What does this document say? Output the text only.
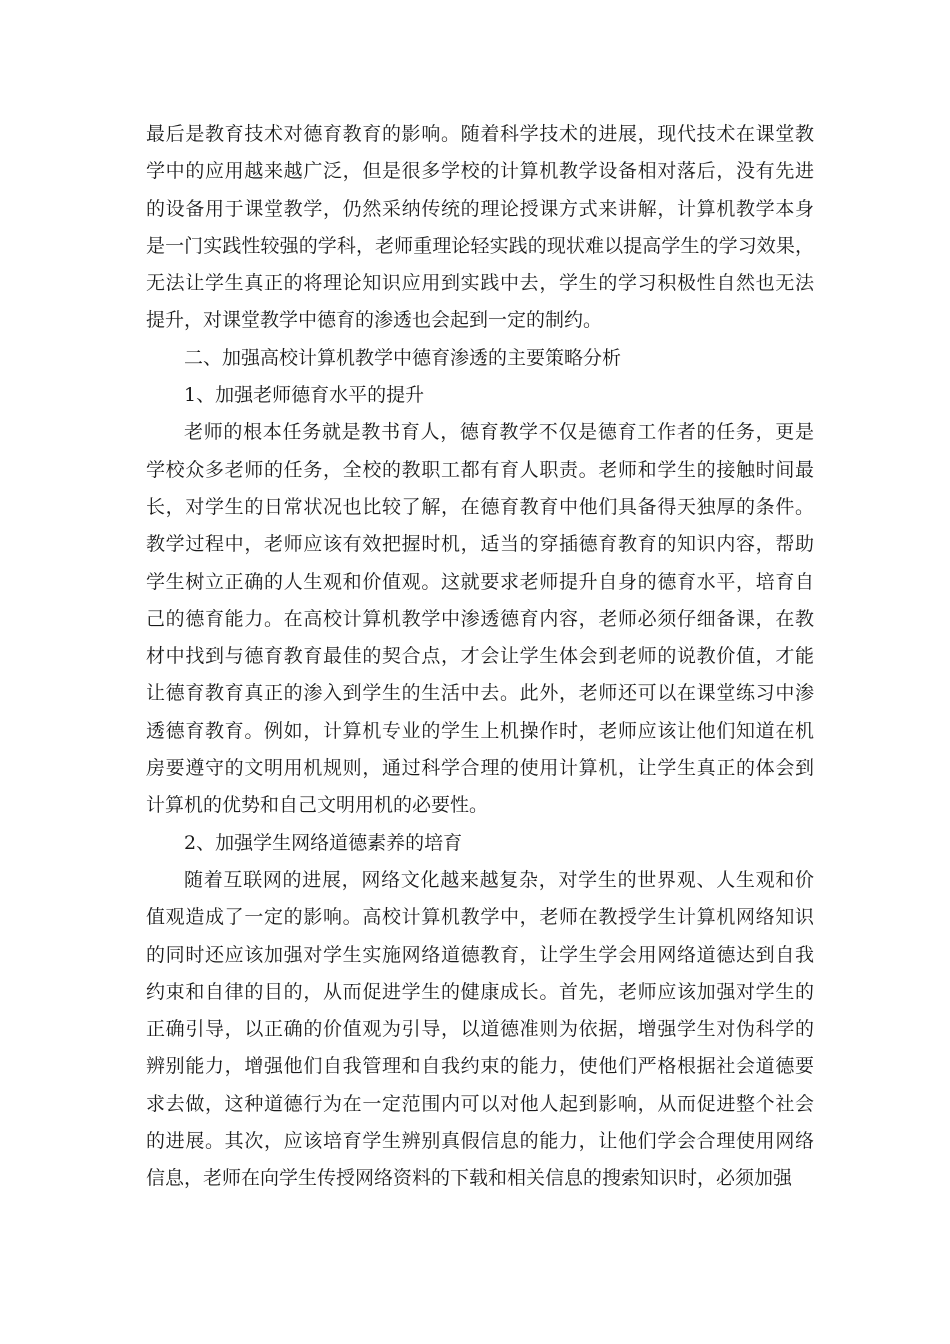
最后是教育技术对德育教育的影响。随着科学技术的进展，现代技术在课堂教
学中的应用越来越广泛，但是很多学校的计算机教学设备相对落后，没有先进
的设备用于课堂教学，仍然采纳传统的理论授课方式来讲解，计算机教学本身
是一门实践性较强的学科，老师重理论轻实践的现状难以提高学生的学习效果，
无法让学生真正的将理论知识应用到实践中去，学生的学习积极性自然也无法
提升，对课堂教学中德育的渗透也会起到一定的制约。
二、加强高校计算机教学中德育渗透的主要策略分析
1、加强老师德育水平的提升
老师的根本任务就是教书育人，德育教学不仅是德育工作者的任务，更是
学校众多老师的任务，全校的教职工都有育人职责。老师和学生的接触时间最
长，对学生的日常状况也比较了解，在德育教育中他们具备得天独厚的条件。
教学过程中，老师应该有效把握时机，适当的穿插德育教育的知识内容，帮助
学生树立正确的人生观和价值观。这就要求老师提升自身的德育水平，培育自
己的德育能力。在高校计算机教学中渗透德育内容，老师必须仔细备课，在教
材中找到与德育教育最佳的契合点，才会让学生体会到老师的说教价值，才能
让德育教育真正的渗入到学生的生活中去。此外，老师还可以在课堂练习中渗
透德育教育。例如，计算机专业的学生上机操作时，老师应该让他们知道在机
房要遵守的文明用机规则，通过科学合理的使用计算机，让学生真正的体会到
计算机的优势和自己文明用机的必要性。
2、加强学生网络道德素养的培育
随着互联网的进展，网络文化越来越复杂，对学生的世界观、人生观和价
值观造成了一定的影响。高校计算机教学中，老师在教授学生计算机网络知识
的同时还应该加强对学生实施网络道德教育，让学生学会用网络道德达到自我
约束和自律的目的，从而促进学生的健康成长。首先，老师应该加强对学生的
正确引导，以正确的价值观为引导，以道德准则为依据，增强学生对伪科学的
辨别能力，增强他们自我管理和自我约束的能力，使他们严格根据社会道德要
求去做，这种道德行为在一定范围内可以对他人起到影响，从而促进整个社会
的进展。其次，应该培育学生辨别真假信息的能力，让他们学会合理使用网络
信息，老师在向学生传授网络资料的下载和相关信息的搜索知识时，必须加强
